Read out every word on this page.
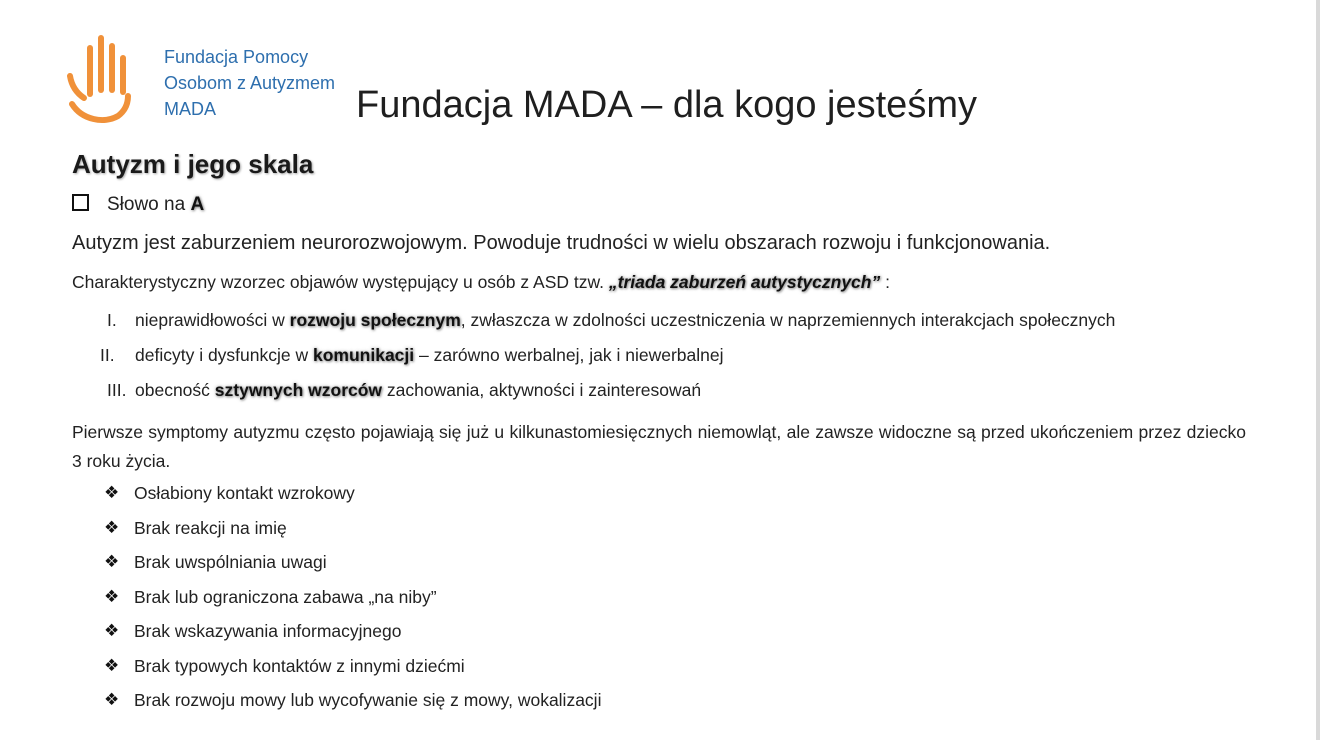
Fundacja Pomocy
Osobom z Autyzmem
MADA	Fundacja MADA – dla kogo jesteśmy
Autyzm i jego skala
Słowo na A

Autyzm jest zaburzeniem neurorozwojowym. Powoduje trudności w wielu obszarach rozwoju i funkcjonowania.

Charakterystyczny wzorzec objawów występujący u osób z ASD tzw. „triada zaburzeń autystycznych” :

I. nieprawidłowości w rozwoju społecznym, zwłaszcza w zdolności uczestniczenia w naprzemiennych interakcjach społecznych
II. deficyty i dysfunkcje w komunikacji – zarówno werbalnej, jak i niewerbalnej
III. obecność sztywnych wzorców zachowania, aktywności i zainteresowań

Pierwsze symptomy autyzmu często pojawiają się już u kilkunastomiesięcznych niemowląt, ale zawsze widoczne są przed ukończeniem przez dziecko 3 roku życia.

❖ Osłabiony kontakt wzrokowy
❖ Brak reakcji na imię
❖ Brak uwspólniania uwagi
❖ Brak lub ograniczona zabawa „na niby”
❖ Brak wskazywania informacyjnego
❖ Brak typowych kontaktów z innymi dziećmi
❖ Brak rozwoju mowy lub wycofywanie się z mowy, wokalizacji
